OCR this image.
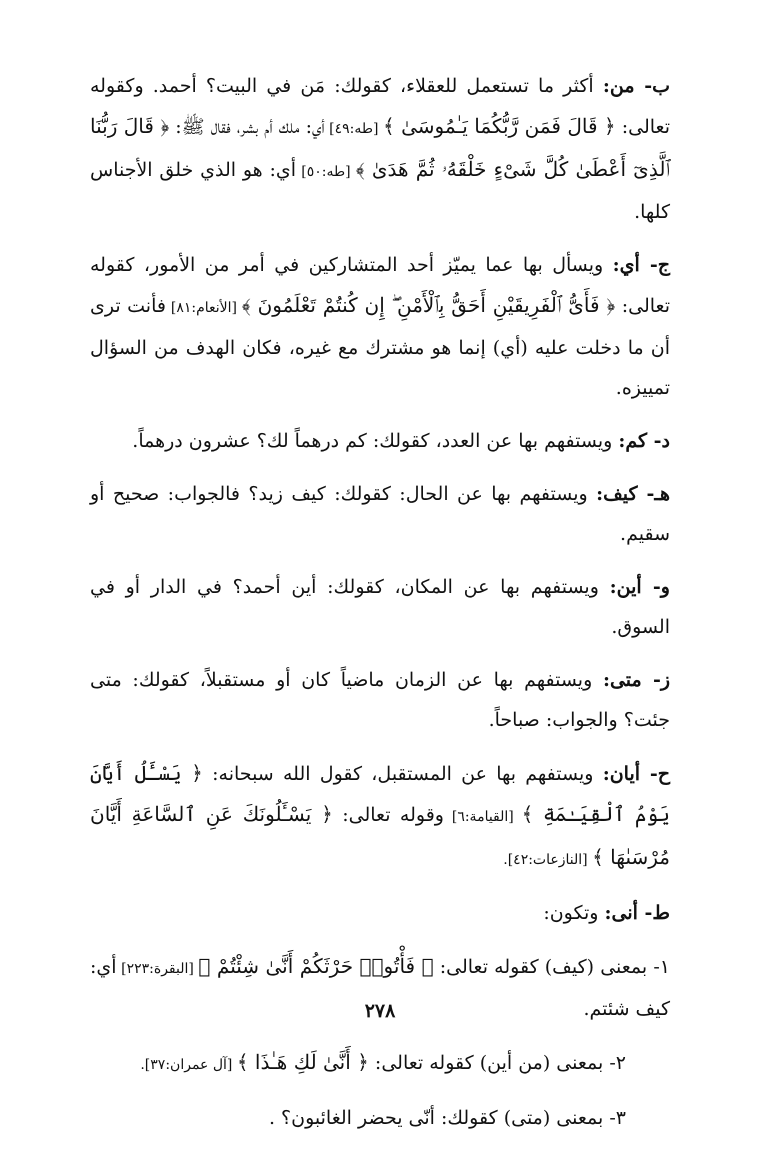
ب- من: أكثر ما تستعمل للعقلاء، كقولك: مَن في البيت؟ أحمد. وكقوله تعالى: ﴿ قَالَ فَمَن رَّبُّكُمَا يَـٰمُوسَىٰ ﴾ [طه:٤٩] أي: ملك أم بشر، فقال ﷺ: ﴿ قَالَ رَبُّنَا ٱلَّذِىٓ أَعْطَىٰ كُلَّ شَىْءٍ خَلْقَهُۥ ثُمَّ هَدَىٰ ﴾ [طه:٥٠] أي: هو الذي خلق الأجناس كلها.

ج- أي: ويسأل بها عما يميّز أحد المتشاركين في أمر من الأمور، كقوله تعالى: ﴿ فَأَىُّ ٱلْفَرِيقَيْنِ أَحَقُّ بِٱلْأَمْنِ ۖ إِن كُنتُمْ تَعْلَمُونَ ﴾ [الأنعام:٨١] فأنت ترى أن ما دخلت عليه (أي) إنما هو مشترك مع غيره، فكان الهدف من السؤال تمييزه.

د- كم: ويستفهم بها عن العدد، كقولك: كم درهماً لك؟ عشرون درهماً.

هـ- كيف: ويستفهم بها عن الحال: كقولك: كيف زيد؟ فالجواب: صحيح أو سقيم.

و- أين: ويستفهم بها عن المكان، كقولك: أين أحمد؟ في الدار أو في السوق.

ز- متى: ويستفهم بها عن الزمان ماضياً كان أو مستقبلاً، كقولك: متى جئت؟ والجواب: صباحاً.

ح- أيان: ويستفهم بها عن المستقبل، كقول الله سبحانه: ﴿ يَسْـَٔلُ أَيَّانَ يَوْمُ ٱلْقِيَـٰمَةِ ﴾ [القيامة:٦] وقوله تعالى: ﴿ يَسْـَٔلُونَكَ عَنِ ٱلسَّاعَةِ أَيَّانَ مُرْسَىٰهَا ﴾ [النازعات:٤٢].

ط- أنى: وتكون:

١- بمعنى (كيف) كقوله تعالى: ﴿ فَأْتُوا۟ حَرْثَكُمْ أَنَّىٰ شِئْتُمْ ﴾ [البقرة:٢٢٣] أي: كيف شئتم.

٢- بمعنى (من أين) كقوله تعالى: ﴿ أَنَّىٰ لَكِ هَـٰذَا ﴾ [آل عمران:٣٧].

٣- بمعنى (متى) كقولك: أنّى يحضر الغائبون؟ .

٢٧٨
